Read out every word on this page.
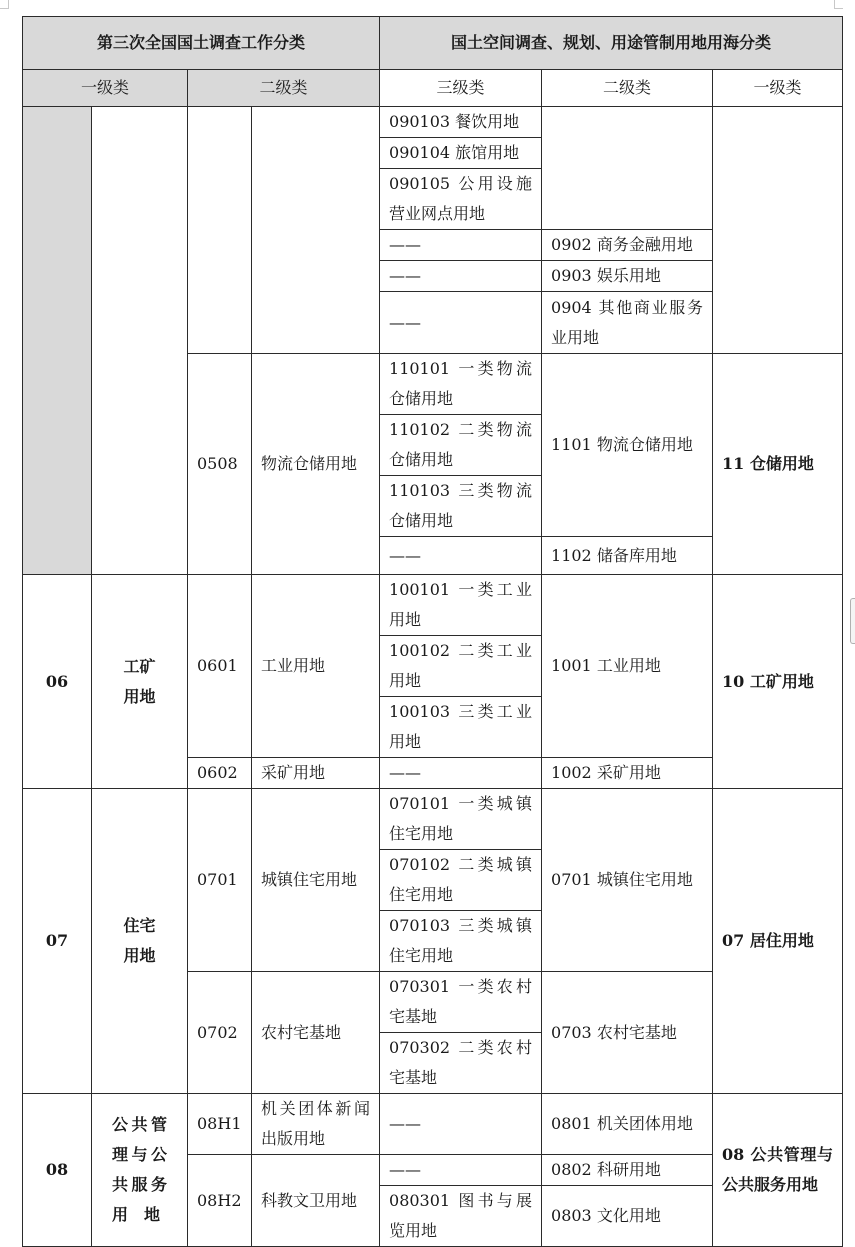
第三次全国国土调查工作分类				国土空间调查、规划、用途管制用地用海分类		
一级类		二级类		三级类	二级类	一级类
				090103 餐饮用地		
				090104 旅馆用地		
				090105 公用设施营业网点用地		
				——	0902 商务金融用地	
				——	0903 娱乐用地	
				——	0904 其他商业服务业用地	

		0508	物流仓储用地	110101 一类物流仓储用地	1101 物流仓储用地	11 仓储用地
				110102 二类物流仓储用地		
				110103 三类物流仓储用地		
				——	1102 储备库用地	

06	工矿用地	0601	工业用地	100101 一类工业用地	1001 工业用地	10 工矿用地
				100102 二类工业用地		
				100103 三类工业用地		
		0602	采矿用地	——	1002 采矿用地	
07	住宅用地	0701	城镇住宅用地	070101 一类城镇住宅用地	0701 城镇住宅用地	07 居住用地
				070102 二类城镇住宅用地		
				070103 三类城镇住宅用地		
		0702	农村宅基地	070301 一类农村宅基地	0703 农村宅基地	
				070302 二类农村宅基地		
08	公共管理与公共服务用　地	08H1	机关团体新闻出版用地	——	0801 机关团体用地	08 公共管理与公共服务用地
		08H2	科教文卫用地	——	0802 科研用地	
				080301 图书与展览用地	0803 文化用地	
